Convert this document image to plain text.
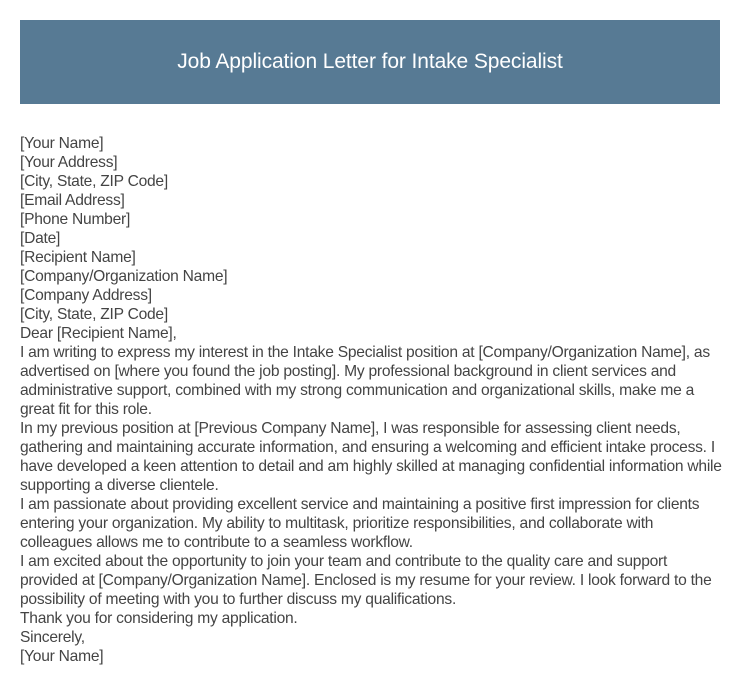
Job Application Letter for Intake Specialist

[Your Name]

[Your Address]

[City, State, ZIP Code]

[Email Address]

[Phone Number]

[Date]

[Recipient Name]

[Company/Organization Name]

[Company Address]

[City, State, ZIP Code]

Dear [Recipient Name],

I am writing to express my interest in the Intake Specialist position at [Company/Organization Name], as advertised on [where you found the job posting]. My professional background in client services and administrative support, combined with my strong communication and organizational skills, make me a great fit for this role.

In my previous position at [Previous Company Name], I was responsible for assessing client needs, gathering and maintaining accurate information, and ensuring a welcoming and efficient intake process. I have developed a keen attention to detail and am highly skilled at managing confidential information while supporting a diverse clientele.

I am passionate about providing excellent service and maintaining a positive first impression for clients entering your organization. My ability to multitask, prioritize responsibilities, and collaborate with colleagues allows me to contribute to a seamless workflow.

I am excited about the opportunity to join your team and contribute to the quality care and support provided at [Company/Organization Name]. Enclosed is my resume for your review. I look forward to the possibility of meeting with you to further discuss my qualifications.

Thank you for considering my application.

Sincerely,

[Your Name]
